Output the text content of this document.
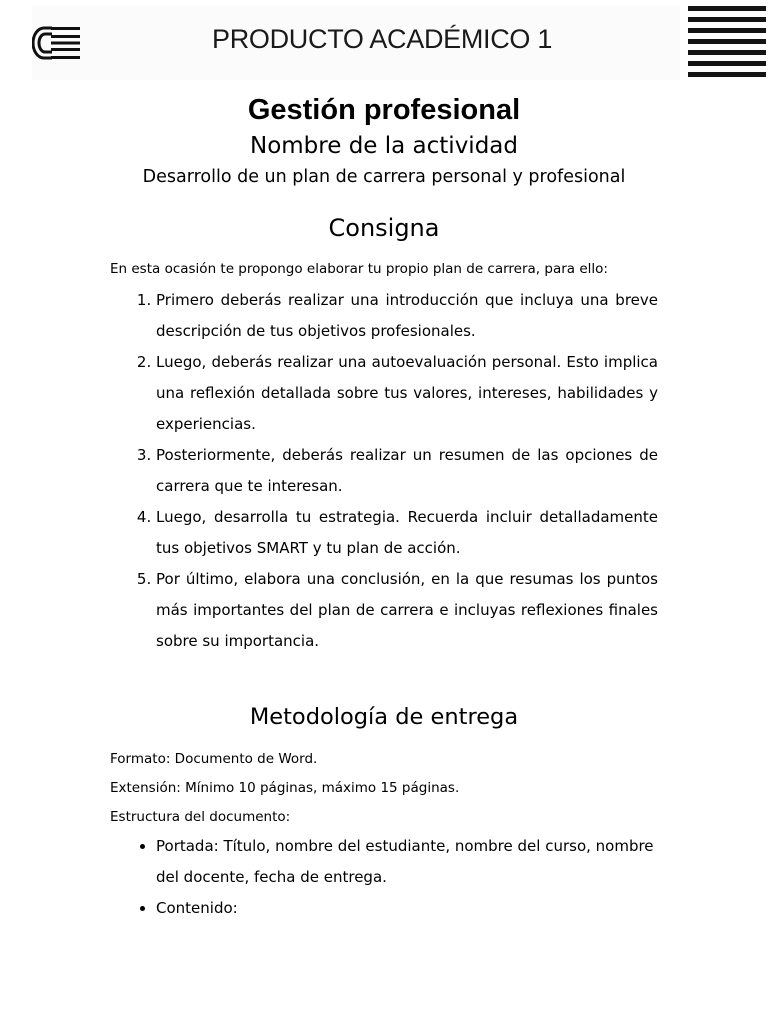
PRODUCTO ACADÉMICO 1
Gestión profesional
Nombre de la actividad
Desarrollo de un plan de carrera personal y profesional
Consigna
En esta ocasión te propongo elaborar tu propio plan de carrera, para ello:
1. Primero deberás realizar una introducción que incluya una breve descripción de tus objetivos profesionales.
2. Luego, deberás realizar una autoevaluación personal. Esto implica una reflexión detallada sobre tus valores, intereses, habilidades y experiencias.
3. Posteriormente, deberás realizar un resumen de las opciones de carrera que te interesan.
4. Luego, desarrolla tu estrategia. Recuerda incluir detalladamente tus objetivos SMART y tu plan de acción.
5. Por último, elabora una conclusión, en la que resumas los puntos más importantes del plan de carrera e incluyas reflexiones finales sobre su importancia.
Metodología de entrega
Formato: Documento de Word.
Extensión: Mínimo 10 páginas, máximo 15 páginas.
Estructura del documento:
• Portada: Título, nombre del estudiante, nombre del curso, nombre del docente, fecha de entrega.
• Contenido:
